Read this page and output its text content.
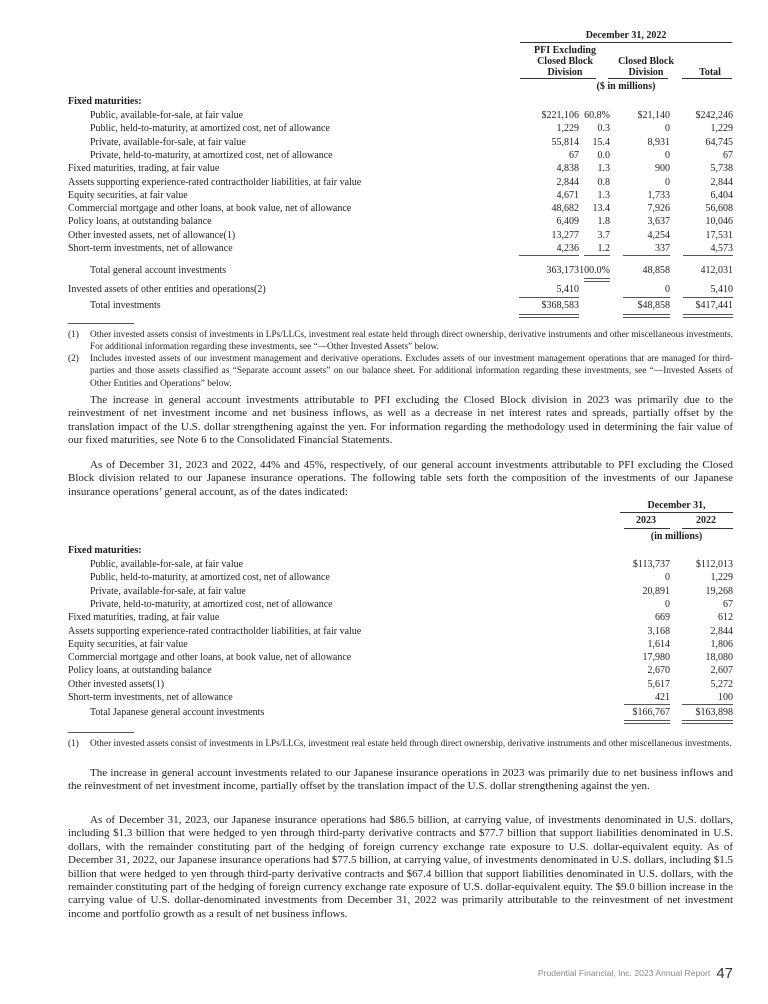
December 31, 2022
PFI Excluding
Closed Block
Division
Closed Block
Division	Total
($ in millions)
Fixed maturities:
Public, available-for-sale, at fair value . . .	$221,106 60.8%	$21,140	$242,246
Public, held-to-maturity, at amortized cost, net of allowance . . .	1,229 0.3	0	1,229
Private, available-for-sale, at fair value . . .	55,814 15.4	8,931	64,745
Private, held-to-maturity, at amortized cost, net of allowance . . .	67 0.0	0	67
Fixed maturities, trading, at fair value . . .	4,838 1.3	900	5,738
Assets supporting experience-rated contractholder liabilities, at fair value . . .	2,844 0.8	0	2,844
Equity securities, at fair value . . .	4,671 1.3	1,733	6,404
Commercial mortgage and other loans, at book value, net of allowance . . .	48,682 13.4	7,926	56,608
Policy loans, at outstanding balance . . .	6,409 1.8	3,637	10,046
Other invested assets, net of allowance(1) . . .	13,277 3.7	4,254	17,531
Short-term investments, net of allowance . . .	4,236 1.2	337	4,573
Total general account investments . . .	363,173 100.0%	48,858	412,031
Invested assets of other entities and operations(2) . . .	5,410	0	5,410
Total investments . . .	$368,583	$48,858	$417,441
(1) Other invested assets consist of investments in LPs/LLCs, investment real estate held through direct ownership, derivative instruments and other miscellaneous investments. For additional information regarding these investments, see “—Other Invested Assets” below.
(2) Includes invested assets of our investment management and derivative operations. Excludes assets of our investment management operations that are managed for third-parties and those assets classified as “Separate account assets” on our balance sheet. For additional information regarding these investments, see “—Invested Assets of Other Entities and Operations” below.
The increase in general account investments attributable to PFI excluding the Closed Block division in 2023 was primarily due to the reinvestment of net investment income and net business inflows, as well as a decrease in net interest rates and spreads, partially offset by the translation impact of the U.S. dollar strengthening against the yen. For information regarding the methodology used in determining the fair value of our fixed maturities, see Note 6 to the Consolidated Financial Statements.
As of December 31, 2023 and 2022, 44% and 45%, respectively, of our general account investments attributable to PFI excluding the Closed Block division related to our Japanese insurance operations. The following table sets forth the composition of the investments of our Japanese insurance operations’ general account, as of the dates indicated:
December 31,
2023	2022
(in millions)
Fixed maturities:
Public, available-for-sale, at fair value . . .	$113,737	$112,013
Public, held-to-maturity, at amortized cost, net of allowance . . .	0	1,229
Private, available-for-sale, at fair value . . .	20,891	19,268
Private, held-to-maturity, at amortized cost, net of allowance . . .	0	67
Fixed maturities, trading, at fair value . . .	669	612
Assets supporting experience-rated contractholder liabilities, at fair value . . .	3,168	2,844
Equity securities, at fair value . . .	1,614	1,806
Commercial mortgage and other loans, at book value, net of allowance . . .	17,980	18,080
Policy loans, at outstanding balance . . .	2,670	2,607
Other invested assets(1) . . .	5,617	5,272
Short-term investments, net of allowance . . .	421	100
Total Japanese general account investments . . .	$166,767	$163,898
(1) Other invested assets consist of investments in LPs/LLCs, investment real estate held through direct ownership, derivative instruments and other miscellaneous investments.
The increase in general account investments related to our Japanese insurance operations in 2023 was primarily due to net business inflows and the reinvestment of net investment income, partially offset by the translation impact of the U.S. dollar strengthening against the yen.
As of December 31, 2023, our Japanese insurance operations had $86.5 billion, at carrying value, of investments denominated in U.S. dollars, including $1.3 billion that were hedged to yen through third-party derivative contracts and $77.7 billion that support liabilities denominated in U.S. dollars, with the remainder constituting part of the hedging of foreign currency exchange rate exposure to U.S. dollar-equivalent equity. As of December 31, 2022, our Japanese insurance operations had $77.5 billion, at carrying value, of investments denominated in U.S. dollars, including $1.5 billion that were hedged to yen through third-party derivative contracts and $67.4 billion that support liabilities denominated in U.S. dollars, with the remainder constituting part of the hedging of foreign currency exchange rate exposure of U.S. dollar-equivalent equity. The $9.0 billion increase in the carrying value of U.S. dollar-denominated investments from December 31, 2022 was primarily attributable to the reinvestment of net investment income and portfolio growth as a result of net business inflows.
Prudential Financial, Inc. 2023 Annual Report 47
